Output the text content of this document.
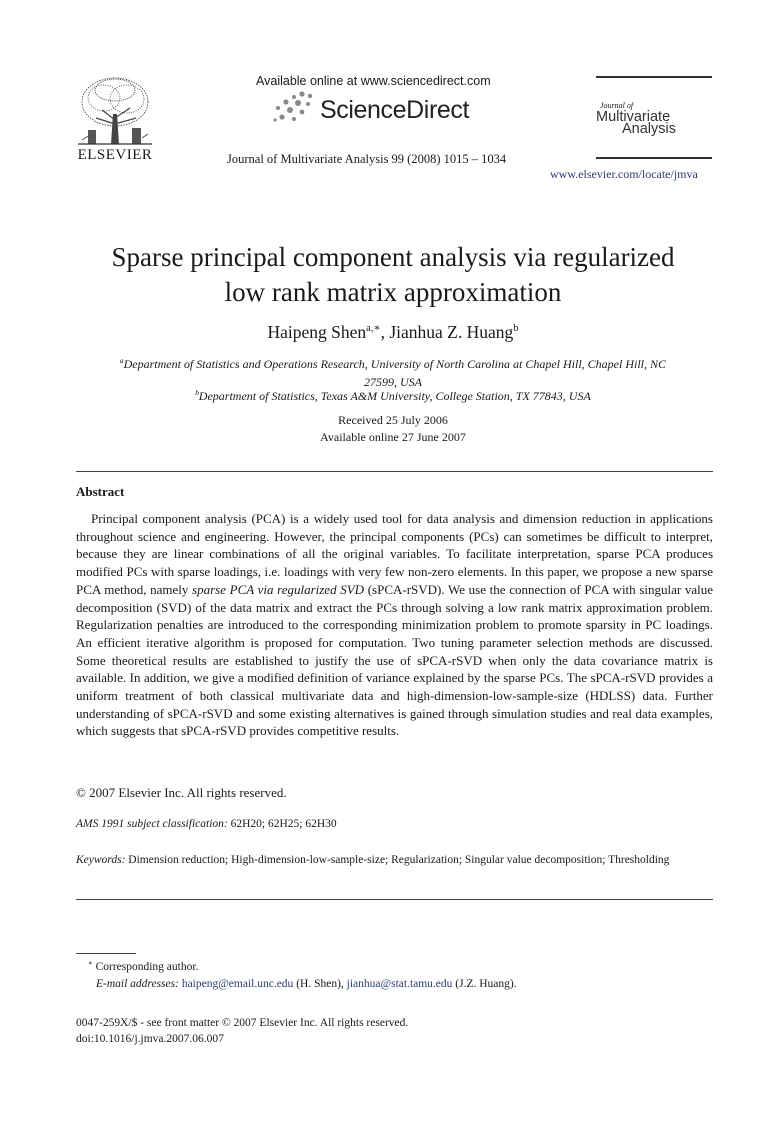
ELSEVIER
Available online at www.sciencedirect.com
ScienceDirect
Journal of Multivariate Analysis 99 (2008) 1015 – 1034
Journal of
Multivariate
Analysis
www.elsevier.com/locate/jmva
Sparse principal component analysis via regularized
low rank matrix approximation
Haipeng Shen$^{a,∗}$, Jianhua Z. Huang$^b$
$^a$Department of Statistics and Operations Research, University of North Carolina at Chapel Hill, Chapel Hill, NC
27599, USA
$^b$Department of Statistics, Texas A&M University, College Station, TX 77843, USA
Received 25 July 2006
Available online 27 June 2007
Abstract

Principal component analysis (PCA) is a widely used tool for data analysis and dimension reduction in applications throughout science and engineering. However, the principal components (PCs) can sometimes be difficult to interpret, because they are linear combinations of all the original variables. To facilitate interpretation, sparse PCA produces modified PCs with sparse loadings, i.e. loadings with very few non-zero elements. In this paper, we propose a new sparse PCA method, namely sparse PCA via regularized SVD (sPCA-rSVD). We use the connection of PCA with singular value decomposition (SVD) of the data matrix and extract the PCs through solving a low rank matrix approximation problem. Regularization penalties are introduced to the corresponding minimization problem to promote sparsity in PC loadings. An efficient iterative algorithm is proposed for computation. Two tuning parameter selection methods are discussed. Some theoretical results are established to justify the use of sPCA-rSVD when only the data covariance matrix is available. In addition, we give a modified definition of variance explained by the sparse PCs. The sPCA-rSVD provides a uniform treatment of both classical multivariate data and high-dimension-low-sample-size (HDLSS) data. Further understanding of sPCA-rSVD and some existing alternatives is gained through simulation studies and real data examples, which suggests that sPCA-rSVD provides competitive results.

© 2007 Elsevier Inc. All rights reserved.
AMS 1991 subject classification: 62H20; 62H25; 62H30
Keywords: Dimension reduction; High-dimension-low-sample-size; Regularization; Singular value decomposition; Thresholding
∗ Corresponding author.
E-mail addresses: haipeng@email.unc.edu (H. Shen), jianhua@stat.tamu.edu (J.Z. Huang).
0047-259X/$ - see front matter © 2007 Elsevier Inc. All rights reserved.
doi:10.1016/j.jmva.2007.06.007
